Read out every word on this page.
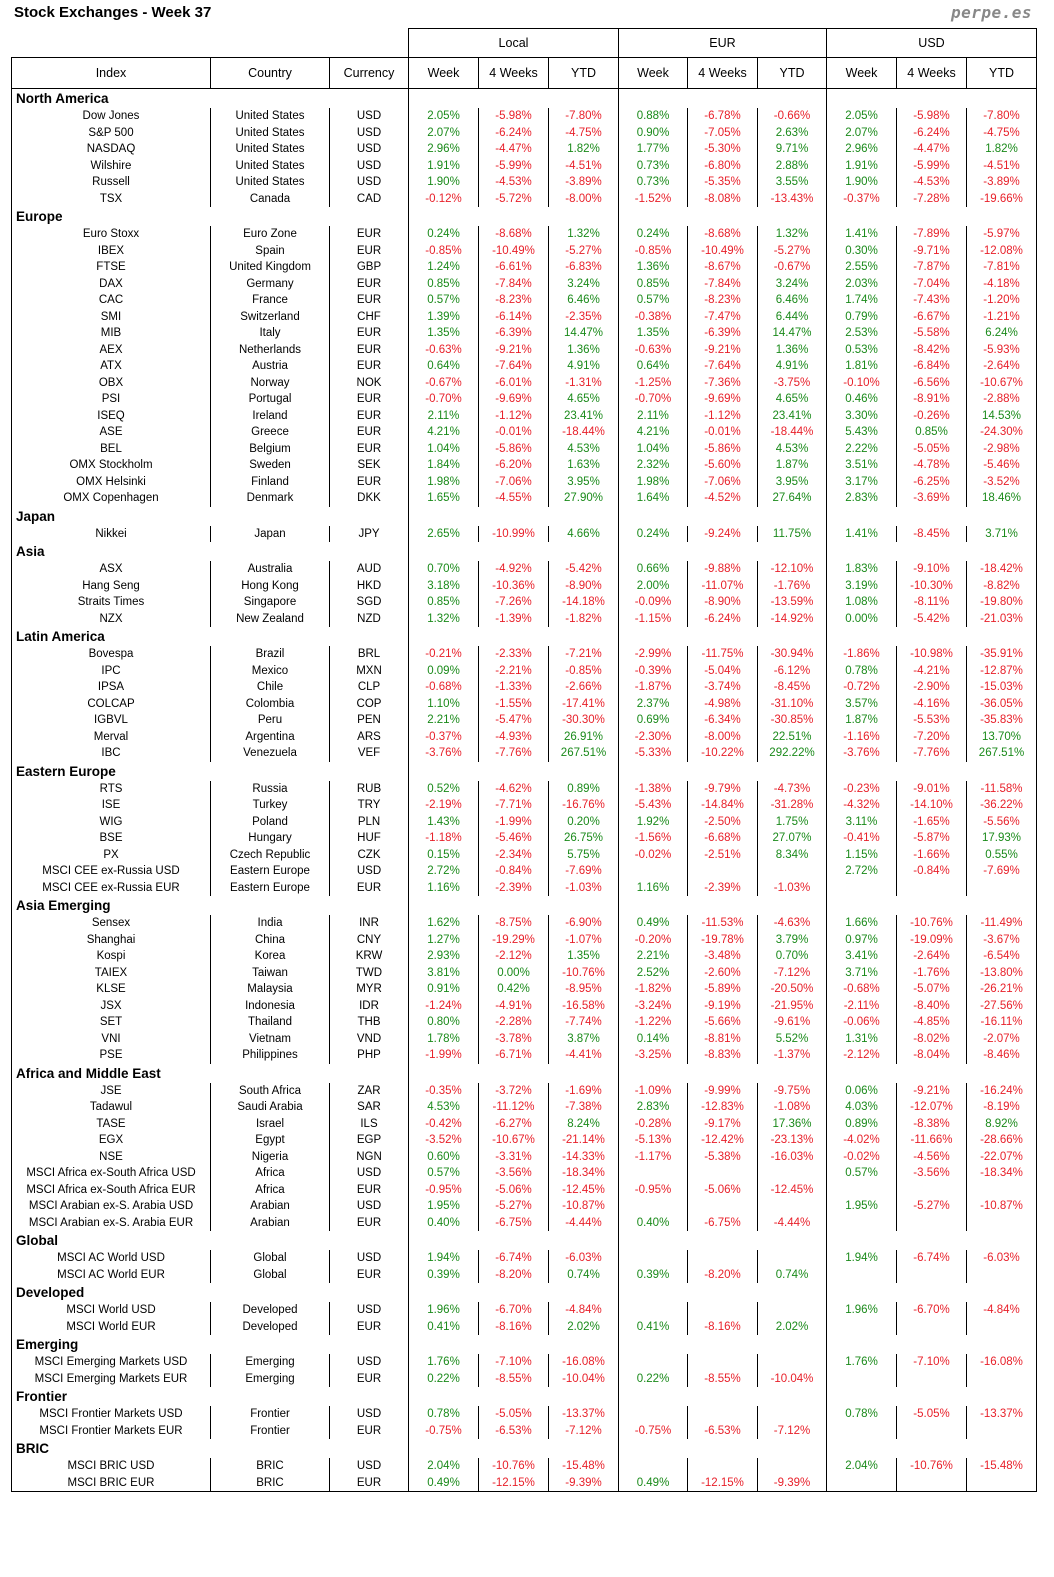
Stock Exchanges - Week 37	perpe.es
			Local			EUR			USD		
Index	Country	Currency	Week	4 Weeks	YTD	Week	4 Weeks	YTD	Week	4 Weeks	YTD
North America											
Dow Jones	United States	USD	2.05%	-5.98%	-7.80%	0.88%	-6.78%	-0.66%	2.05%	-5.98%	-7.80%
S&P 500	United States	USD	2.07%	-6.24%	-4.75%	0.90%	-7.05%	2.63%	2.07%	-6.24%	-4.75%
NASDAQ	United States	USD	2.96%	-4.47%	1.82%	1.77%	-5.30%	9.71%	2.96%	-4.47%	1.82%
Wilshire	United States	USD	1.91%	-5.99%	-4.51%	0.73%	-6.80%	2.88%	1.91%	-5.99%	-4.51%
Russell	United States	USD	1.90%	-4.53%	-3.89%	0.73%	-5.35%	3.55%	1.90%	-4.53%	-3.89%
TSX	Canada	CAD	-0.12%	-5.72%	-8.00%	-1.52%	-8.08%	-13.43%	-0.37%	-7.28%	-19.66%
Europe											
Euro Stoxx	Euro Zone	EUR	0.24%	-8.68%	1.32%	0.24%	-8.68%	1.32%	1.41%	-7.89%	-5.97%
IBEX	Spain	EUR	-0.85%	-10.49%	-5.27%	-0.85%	-10.49%	-5.27%	0.30%	-9.71%	-12.08%
FTSE	United Kingdom	GBP	1.24%	-6.61%	-6.83%	1.36%	-8.67%	-0.67%	2.55%	-7.87%	-7.81%
DAX	Germany	EUR	0.85%	-7.84%	3.24%	0.85%	-7.84%	3.24%	2.03%	-7.04%	-4.18%
CAC	France	EUR	0.57%	-8.23%	6.46%	0.57%	-8.23%	6.46%	1.74%	-7.43%	-1.20%
SMI	Switzerland	CHF	1.39%	-6.14%	-2.35%	-0.38%	-7.47%	6.44%	0.79%	-6.67%	-1.21%
MIB	Italy	EUR	1.35%	-6.39%	14.47%	1.35%	-6.39%	14.47%	2.53%	-5.58%	6.24%
AEX	Netherlands	EUR	-0.63%	-9.21%	1.36%	-0.63%	-9.21%	1.36%	0.53%	-8.42%	-5.93%
ATX	Austria	EUR	0.64%	-7.64%	4.91%	0.64%	-7.64%	4.91%	1.81%	-6.84%	-2.64%
OBX	Norway	NOK	-0.67%	-6.01%	-1.31%	-1.25%	-7.36%	-3.75%	-0.10%	-6.56%	-10.67%
PSI	Portugal	EUR	-0.70%	-9.69%	4.65%	-0.70%	-9.69%	4.65%	0.46%	-8.91%	-2.88%
ISEQ	Ireland	EUR	2.11%	-1.12%	23.41%	2.11%	-1.12%	23.41%	3.30%	-0.26%	14.53%
ASE	Greece	EUR	4.21%	-0.01%	-18.44%	4.21%	-0.01%	-18.44%	5.43%	0.85%	-24.30%
BEL	Belgium	EUR	1.04%	-5.86%	4.53%	1.04%	-5.86%	4.53%	2.22%	-5.05%	-2.98%
OMX Stockholm	Sweden	SEK	1.84%	-6.20%	1.63%	2.32%	-5.60%	1.87%	3.51%	-4.78%	-5.46%
OMX Helsinki	Finland	EUR	1.98%	-7.06%	3.95%	1.98%	-7.06%	3.95%	3.17%	-6.25%	-3.52%
OMX Copenhagen	Denmark	DKK	1.65%	-4.55%	27.90%	1.64%	-4.52%	27.64%	2.83%	-3.69%	18.46%
Japan											
Nikkei	Japan	JPY	2.65%	-10.99%	4.66%	0.24%	-9.24%	11.75%	1.41%	-8.45%	3.71%
Asia											
ASX	Australia	AUD	0.70%	-4.92%	-5.42%	0.66%	-9.88%	-12.10%	1.83%	-9.10%	-18.42%
Hang Seng	Hong Kong	HKD	3.18%	-10.36%	-8.90%	2.00%	-11.07%	-1.76%	3.19%	-10.30%	-8.82%
Straits Times	Singapore	SGD	0.85%	-7.26%	-14.18%	-0.09%	-8.90%	-13.59%	1.08%	-8.11%	-19.80%
NZX	New Zealand	NZD	1.32%	-1.39%	-1.82%	-1.15%	-6.24%	-14.92%	0.00%	-5.42%	-21.03%
Latin America											
Bovespa	Brazil	BRL	-0.21%	-2.33%	-7.21%	-2.99%	-11.75%	-30.94%	-1.86%	-10.98%	-35.91%
IPC	Mexico	MXN	0.09%	-2.21%	-0.85%	-0.39%	-5.04%	-6.12%	0.78%	-4.21%	-12.87%
IPSA	Chile	CLP	-0.68%	-1.33%	-2.66%	-1.87%	-3.74%	-8.45%	-0.72%	-2.90%	-15.03%
COLCAP	Colombia	COP	1.10%	-1.55%	-17.41%	2.37%	-4.98%	-31.10%	3.57%	-4.16%	-36.05%
IGBVL	Peru	PEN	2.21%	-5.47%	-30.30%	0.69%	-6.34%	-30.85%	1.87%	-5.53%	-35.83%
Merval	Argentina	ARS	-0.37%	-4.93%	26.91%	-2.30%	-8.00%	22.51%	-1.16%	-7.20%	13.70%
IBC	Venezuela	VEF	-3.76%	-7.76%	267.51%	-5.33%	-10.22%	292.22%	-3.76%	-7.76%	267.51%
Eastern Europe											
RTS	Russia	RUB	0.52%	-4.62%	0.89%	-1.38%	-9.79%	-4.73%	-0.23%	-9.01%	-11.58%
ISE	Turkey	TRY	-2.19%	-7.71%	-16.76%	-5.43%	-14.84%	-31.28%	-4.32%	-14.10%	-36.22%
WIG	Poland	PLN	1.43%	-1.99%	0.20%	1.92%	-2.50%	1.75%	3.11%	-1.65%	-5.56%
BSE	Hungary	HUF	-1.18%	-5.46%	26.75%	-1.56%	-6.68%	27.07%	-0.41%	-5.87%	17.93%
PX	Czech Republic	CZK	0.15%	-2.34%	5.75%	-0.02%	-2.51%	8.34%	1.15%	-1.66%	0.55%
MSCI CEE ex-Russia USD	Eastern Europe	USD	2.72%	-0.84%	-7.69%				2.72%	-0.84%	-7.69%
MSCI CEE ex-Russia EUR	Eastern Europe	EUR	1.16%	-2.39%	-1.03%	1.16%	-2.39%	-1.03%			
Asia Emerging											
Sensex	India	INR	1.62%	-8.75%	-6.90%	0.49%	-11.53%	-4.63%	1.66%	-10.76%	-11.49%
Shanghai	China	CNY	1.27%	-19.29%	-1.07%	-0.20%	-19.78%	3.79%	0.97%	-19.09%	-3.67%
Kospi	Korea	KRW	2.93%	-2.12%	1.35%	2.21%	-3.48%	0.70%	3.41%	-2.64%	-6.54%
TAIEX	Taiwan	TWD	3.81%	0.00%	-10.76%	2.52%	-2.60%	-7.12%	3.71%	-1.76%	-13.80%
KLSE	Malaysia	MYR	0.91%	0.42%	-8.95%	-1.82%	-5.89%	-20.50%	-0.68%	-5.07%	-26.21%
JSX	Indonesia	IDR	-1.24%	-4.91%	-16.58%	-3.24%	-9.19%	-21.95%	-2.11%	-8.40%	-27.56%
SET	Thailand	THB	0.80%	-2.28%	-7.74%	-1.22%	-5.66%	-9.61%	-0.06%	-4.85%	-16.11%
VNI	Vietnam	VND	1.78%	-3.78%	3.87%	0.14%	-8.81%	5.52%	1.31%	-8.02%	-2.07%
PSE	Philippines	PHP	-1.99%	-6.71%	-4.41%	-3.25%	-8.83%	-1.37%	-2.12%	-8.04%	-8.46%
Africa and Middle East											
JSE	South Africa	ZAR	-0.35%	-3.72%	-1.69%	-1.09%	-9.99%	-9.75%	0.06%	-9.21%	-16.24%
Tadawul	Saudi Arabia	SAR	4.53%	-11.12%	-7.38%	2.83%	-12.83%	-1.08%	4.03%	-12.07%	-8.19%
TASE	Israel	ILS	-0.42%	-6.27%	8.24%	-0.28%	-9.17%	17.36%	0.89%	-8.38%	8.92%
EGX	Egypt	EGP	-3.52%	-10.67%	-21.14%	-5.13%	-12.42%	-23.13%	-4.02%	-11.66%	-28.66%
NSE	Nigeria	NGN	0.60%	-3.31%	-14.33%	-1.17%	-5.38%	-16.03%	-0.02%	-4.56%	-22.07%
MSCI Africa ex-South Africa USD	Africa	USD	0.57%	-3.56%	-18.34%				0.57%	-3.56%	-18.34%
MSCI Africa ex-South Africa EUR	Africa	EUR	-0.95%	-5.06%	-12.45%	-0.95%	-5.06%	-12.45%			
MSCI Arabian ex-S. Arabia USD	Arabian	USD	1.95%	-5.27%	-10.87%				1.95%	-5.27%	-10.87%
MSCI Arabian ex-S. Arabia EUR	Arabian	EUR	0.40%	-6.75%	-4.44%	0.40%	-6.75%	-4.44%			
Global											
MSCI AC World USD	Global	USD	1.94%	-6.74%	-6.03%				1.94%	-6.74%	-6.03%
MSCI AC World EUR	Global	EUR	0.39%	-8.20%	0.74%	0.39%	-8.20%	0.74%			
Developed											
MSCI World USD	Developed	USD	1.96%	-6.70%	-4.84%				1.96%	-6.70%	-4.84%
MSCI World EUR	Developed	EUR	0.41%	-8.16%	2.02%	0.41%	-8.16%	2.02%			
Emerging											
MSCI Emerging Markets USD	Emerging	USD	1.76%	-7.10%	-16.08%				1.76%	-7.10%	-16.08%
MSCI Emerging Markets EUR	Emerging	EUR	0.22%	-8.55%	-10.04%	0.22%	-8.55%	-10.04%			
Frontier											
MSCI Frontier Markets USD	Frontier	USD	0.78%	-5.05%	-13.37%				0.78%	-5.05%	-13.37%
MSCI Frontier Markets EUR	Frontier	EUR	-0.75%	-6.53%	-7.12%	-0.75%	-6.53%	-7.12%			
BRIC											
MSCI BRIC USD	BRIC	USD	2.04%	-10.76%	-15.48%				2.04%	-10.76%	-15.48%
MSCI BRIC EUR	BRIC	EUR	0.49%	-12.15%	-9.39%	0.49%	-12.15%	-9.39%			
